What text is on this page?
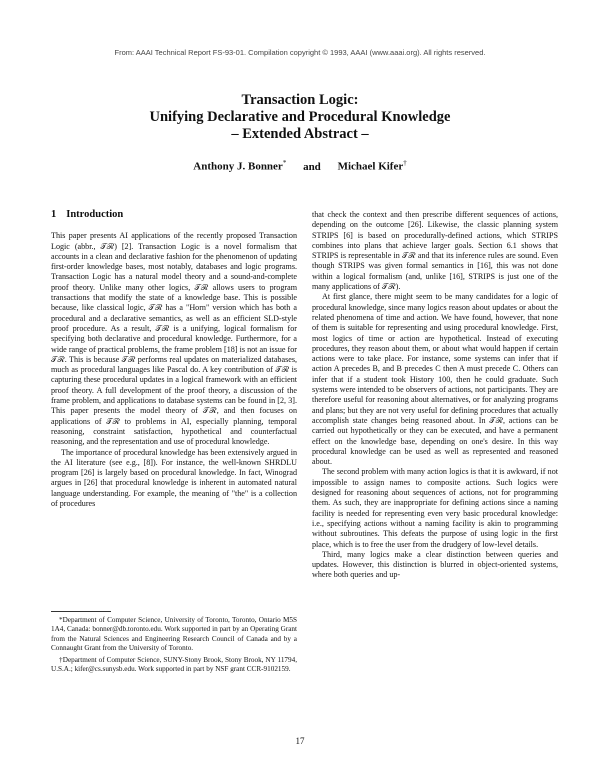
From: AAAI Technical Report FS-93-01. Compilation copyright © 1993, AAAI (www.aaai.org). All rights reserved.
Transaction Logic:
Unifying Declarative and Procedural Knowledge
– Extended Abstract –
Anthony J. Bonner* and Michael Kifer†
1 Introduction

This paper presents AI applications of the recently proposed Transaction Logic (abbr., 𝒯ℛ) [2]. Transaction Logic is a novel formalism that accounts in a clean and declarative fashion for the phenomenon of updating first-order knowledge bases, most notably, databases and logic programs. Transaction Logic has a natural model theory and a sound-and-complete proof theory. Unlike many other logics, 𝒯ℛ allows users to program transactions that modify the state of a knowledge base. This is possible because, like classical logic, 𝒯ℛ has a "Horn" version which has both a procedural and a declarative semantics, as well as an efficient SLD-style proof procedure. As a result, 𝒯ℛ is a unifying, logical formalism for specifying both declarative and procedural knowledge. Furthermore, for a wide range of practical problems, the frame problem [18] is not an issue for 𝒯ℛ. This is because 𝒯ℛ performs real updates on materialized databases, much as procedural languages like Pascal do. A key contribution of 𝒯ℛ is capturing these procedural updates in a logical framework with an efficient proof theory. A full development of the proof theory, a discussion of the frame problem, and applications to database systems can be found in [2, 3]. This paper presents the model theory of 𝒯ℛ, and then focuses on applications of 𝒯ℛ to problems in AI, especially planning, temporal reasoning, constraint satisfaction, hypothetical and counterfactual reasoning, and the representation and use of procedural knowledge.

The importance of procedural knowledge has been extensively argued in the AI literature (see e.g., [8]). For instance, the well-known SHRDLU program [26] is largely based on procedural knowledge. In fact, Winograd argues in [26] that procedural knowledge is inherent in automated natural language understanding. For example, the meaning of "the" is a collection of procedures

*Department of Computer Science, University of Toronto, Toronto, Ontario M5S 1A4, Canada: bonner@db.toronto.edu. Work supported in part by an Operating Grant from the Natural Sciences and Engineering Research Council of Canada and by a Connaught Grant from the University of Toronto.

†Department of Computer Science, SUNY-Stony Brook, Stony Brook, NY 11794, U.S.A.; kifer@cs.sunysb.edu. Work supported in part by NSF grant CCR-9102159.

that check the context and then prescribe different sequences of actions, depending on the outcome [26]. Likewise, the classic planning system STRIPS [6] is based on procedurally-defined actions, which STRIPS combines into plans that achieve larger goals. Section 6.1 shows that STRIPS is representable in 𝒯ℛ and that its inference rules are sound. Even though STRIPS was given formal semantics in [16], this was not done within a logical formalism (and, unlike [16], STRIPS is just one of the many applications of 𝒯ℛ).

At first glance, there might seem to be many candidates for a logic of procedural knowledge, since many logics reason about updates or about the related phenomena of time and action. We have found, however, that none of them is suitable for representing and using procedural knowledge. First, most logics of time or action are hypothetical. Instead of executing procedures, they reason about them, or about what would happen if certain actions were to take place. For instance, some systems can infer that if action A precedes B, and B precedes C then A must precede C. Others can infer that if a student took History 100, then he could graduate. Such systems were intended to be observers of actions, not participants. They are therefore useful for reasoning about alternatives, or for analyzing programs and plans; but they are not very useful for defining procedures that actually accomplish state changes being reasoned about. In 𝒯ℛ, actions can be carried out hypothetically or they can be executed, and have a permanent effect on the knowledge base, depending on one's desire. In this way procedural knowledge can be used as well as represented and reasoned about.

The second problem with many action logics is that it is awkward, if not impossible to assign names to composite actions. Such logics were designed for reasoning about sequences of actions, not for programming them. As such, they are inappropriate for defining actions since a naming facility is needed for representing even very basic procedural knowledge: i.e., specifying actions without a naming facility is akin to programming without subroutines. This defeats the purpose of using logic in the first place, which is to free the user from the drudgery of low-level details.

Third, many logics make a clear distinction between queries and updates. However, this distinction is blurred in object-oriented systems, where both queries and up-

17
